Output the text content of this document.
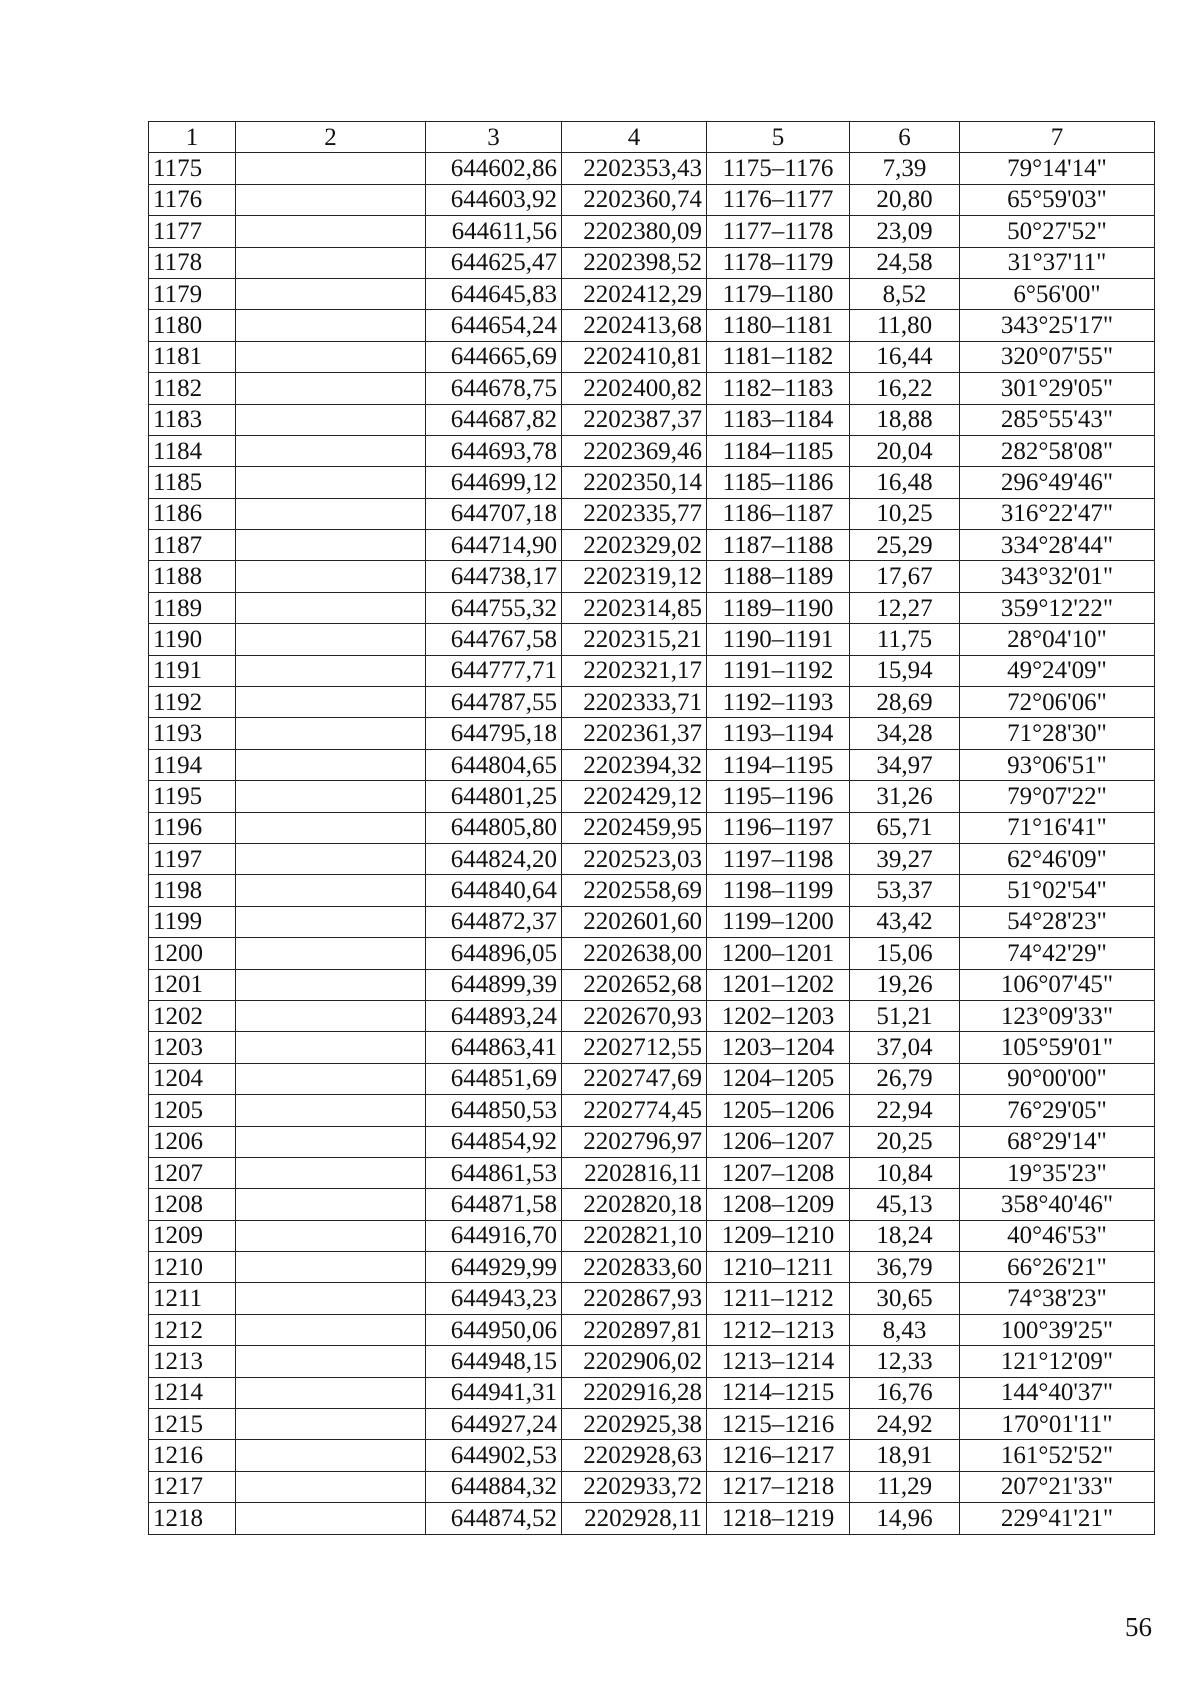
1	2	3	4	5	6	7
1175		644602,86	2202353,43	1175–1176	7,39	79°14'14"
1176		644603,92	2202360,74	1176–1177	20,80	65°59'03"
1177		644611,56	2202380,09	1177–1178	23,09	50°27'52"
1178		644625,47	2202398,52	1178–1179	24,58	31°37'11"
1179		644645,83	2202412,29	1179–1180	8,52	6°56'00"
1180		644654,24	2202413,68	1180–1181	11,80	343°25'17"
1181		644665,69	2202410,81	1181–1182	16,44	320°07'55"
1182		644678,75	2202400,82	1182–1183	16,22	301°29'05"
1183		644687,82	2202387,37	1183–1184	18,88	285°55'43"
1184		644693,78	2202369,46	1184–1185	20,04	282°58'08"
1185		644699,12	2202350,14	1185–1186	16,48	296°49'46"
1186		644707,18	2202335,77	1186–1187	10,25	316°22'47"
1187		644714,90	2202329,02	1187–1188	25,29	334°28'44"
1188		644738,17	2202319,12	1188–1189	17,67	343°32'01"
1189		644755,32	2202314,85	1189–1190	12,27	359°12'22"
1190		644767,58	2202315,21	1190–1191	11,75	28°04'10"
1191		644777,71	2202321,17	1191–1192	15,94	49°24'09"
1192		644787,55	2202333,71	1192–1193	28,69	72°06'06"
1193		644795,18	2202361,37	1193–1194	34,28	71°28'30"
1194		644804,65	2202394,32	1194–1195	34,97	93°06'51"
1195		644801,25	2202429,12	1195–1196	31,26	79°07'22"
1196		644805,80	2202459,95	1196–1197	65,71	71°16'41"
1197		644824,20	2202523,03	1197–1198	39,27	62°46'09"
1198		644840,64	2202558,69	1198–1199	53,37	51°02'54"
1199		644872,37	2202601,60	1199–1200	43,42	54°28'23"
1200		644896,05	2202638,00	1200–1201	15,06	74°42'29"
1201		644899,39	2202652,68	1201–1202	19,26	106°07'45"
1202		644893,24	2202670,93	1202–1203	51,21	123°09'33"
1203		644863,41	2202712,55	1203–1204	37,04	105°59'01"
1204		644851,69	2202747,69	1204–1205	26,79	90°00'00"
1205		644850,53	2202774,45	1205–1206	22,94	76°29'05"
1206		644854,92	2202796,97	1206–1207	20,25	68°29'14"
1207		644861,53	2202816,11	1207–1208	10,84	19°35'23"
1208		644871,58	2202820,18	1208–1209	45,13	358°40'46"
1209		644916,70	2202821,10	1209–1210	18,24	40°46'53"
1210		644929,99	2202833,60	1210–1211	36,79	66°26'21"
1211		644943,23	2202867,93	1211–1212	30,65	74°38'23"
1212		644950,06	2202897,81	1212–1213	8,43	100°39'25"
1213		644948,15	2202906,02	1213–1214	12,33	121°12'09"
1214		644941,31	2202916,28	1214–1215	16,76	144°40'37"
1215		644927,24	2202925,38	1215–1216	24,92	170°01'11"
1216		644902,53	2202928,63	1216–1217	18,91	161°52'52"
1217		644884,32	2202933,72	1217–1218	11,29	207°21'33"
1218		644874,52	2202928,11	1218–1219	14,96	229°41'21"
56
